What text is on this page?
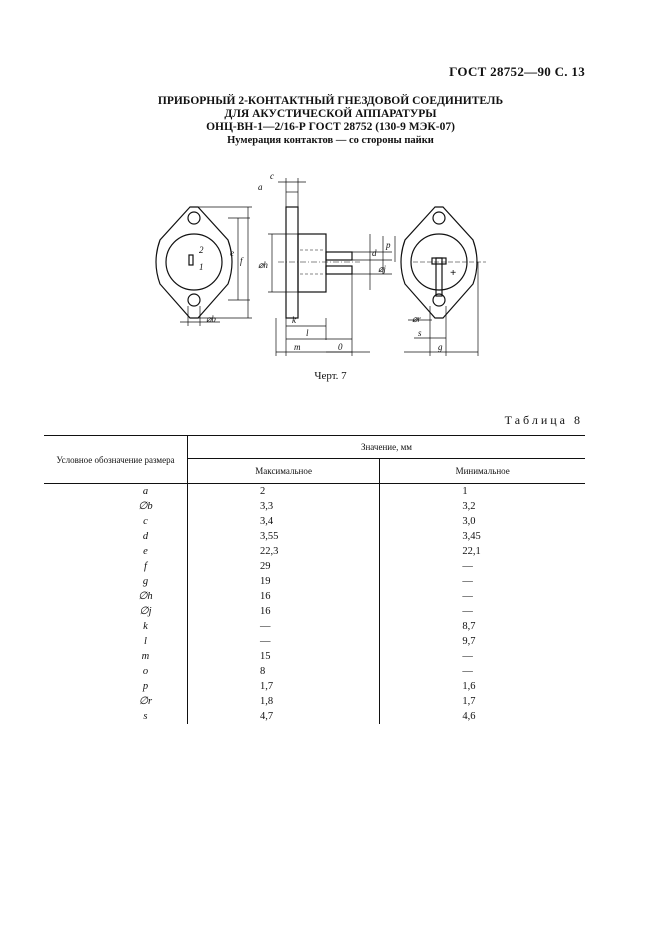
ГОСТ 28752—90 С. 13
ПРИБОРНЫЙ 2-КОНТАКТНЫЙ ГНЕЗДОВОЙ СОЕДИНИТЕЛЬ
ДЛЯ АКУСТИЧЕСКОЙ АППАРАТУРЫ
ОНЦ-ВН-1—2/16-Р ГОСТ 28752 (130-9 МЭК-07)
Нумерация контактов — со стороны пайки
2
1
e
f
⌀b
c
a
⌀h
k
l
m	0
d
p
⌀j
⌀r
s
g
+
Черт. 7
Таблица 8
Условное обозначение размера	Значение, мм	
	Максимальное	Минимальное
a	2	1
∅b	3,3	3,2
c	3,4	3,0
d	3,55	3,45
e	22,3	22,1
f	29	—
g	19	—
∅h	16	—
∅j	16	—
k	—	8,7
l	—	9,7
m	15	—
o	8	—
p	1,7	1,6
∅r	1,8	1,7
s	4,7	4,6
